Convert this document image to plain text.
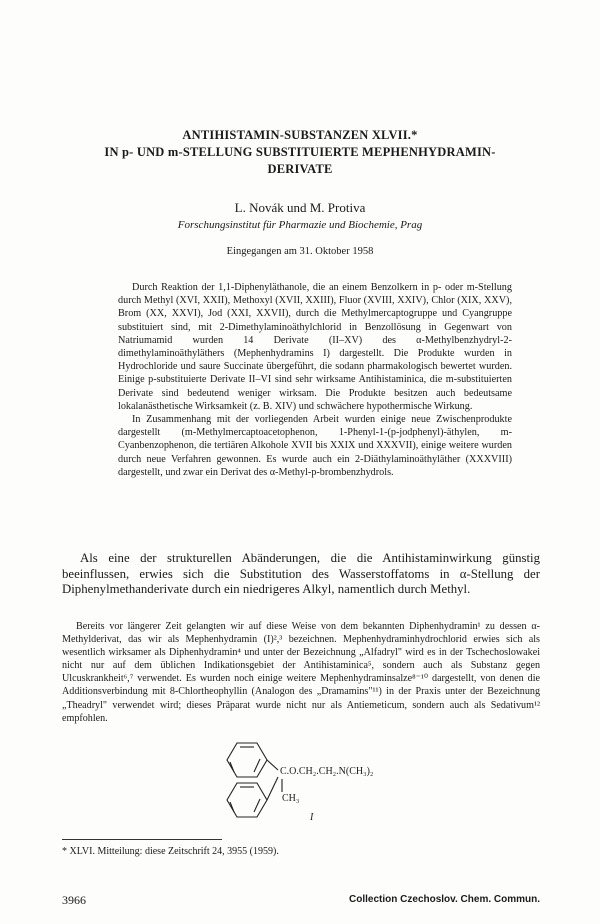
ANTIHISTAMIN-SUBSTANZEN XLVII.*
IN p- UND m-STELLUNG SUBSTITUIERTE MEPHENHYDRAMIN-
DERIVATE
L. Novák und M. Protiva
Forschungsinstitut für Pharmazie und Biochemie, Prag
Eingegangen am 31. Oktober 1958

Durch Reaktion der 1,1-Diphenyläthanole, die an einem Benzolkern in p- oder m-Stellung durch Methyl (XVI, XXII), Methoxyl (XVII, XXIII), Fluor (XVIII, XXIV), Chlor (XIX, XXV), Brom (XX, XXVI), Jod (XXI, XXVII), durch die Methylmercaptogruppe und Cyangruppe substituiert sind, mit 2-Dimethylaminoäthylchlorid in Benzollösung in Gegenwart von Natriumamid wurden 14 Derivate (II–XV) des α-Methylbenzhydryl-2-dimethylaminoäthyläthers (Mephenhydramins I) dargestellt. Die Produkte wurden in Hydrochloride und saure Succinate übergeführt, die sodann pharmakologisch bewertet wurden. Einige p-substituierte Derivate II–VI sind sehr wirksame Antihistaminica, die m-substituierten Derivate sind bedeutend weniger wirksam. Die Produkte besitzen auch bedeutsame lokalanästhetische Wirksamkeit (z. B. XIV) und schwächere hypothermische Wirkung.

In Zusammenhang mit der vorliegenden Arbeit wurden einige neue Zwischenprodukte dargestellt (m-Methylmercaptoacetophenon, 1-Phenyl-1-(p-jodphenyl)-äthylen, m-Cyanbenzophenon, die tertiären Alkohole XVII bis XXIX und XXXVII), einige weitere wurden durch neue Verfahren gewonnen. Es wurde auch ein 2-Diäthylaminoäthyläther (XXXVIII) dargestellt, und zwar ein Derivat des α-Methyl-p-brombenzhydrols.

Als eine der strukturellen Abänderungen, die die Antihistaminwirkung günstig beeinflussen, erwies sich die Substitution des Wasserstoffatoms in α-Stellung der Diphenylmethanderivate durch ein niedrigeres Alkyl, namentlich durch Methyl.
Bereits vor längerer Zeit gelangten wir auf diese Weise von dem bekannten Diphenhydramin¹ zu dessen α-Methylderivat, das wir als Mephenhydramin (I)²,³ bezeichnen. Mephenhydraminhydrochlorid erwies sich als wesentlich wirksamer als Diphenhydramin⁴ und unter der Bezeichnung „Alfadryl" wird es in der Tschechoslowakei nicht nur auf dem üblichen Indikationsgebiet der Antihistaminica⁵, sondern auch als Substanz gegen Ulcuskrankheit⁶,⁷ verwendet. Es wurden noch einige weitere Mephenhydraminsalze⁸⁻¹⁰ dargestellt, von denen die Additionsverbindung mit 8-Chlortheophyllin (Analogon des „Dramamins"¹¹) in der Praxis unter der Bezeichnung „Theadryl" verwendet wird; dieses Präparat wurde nicht nur als Antiemeticum, sondern auch als Sedativum¹² empfohlen.
C.O.CH₂.CH₂.N(CH₃)₂
CH₃
I
* XLVI. Mitteilung: diese Zeitschrift 24, 3955 (1959).
3966	Collection Czechoslov. Chem. Commun.
